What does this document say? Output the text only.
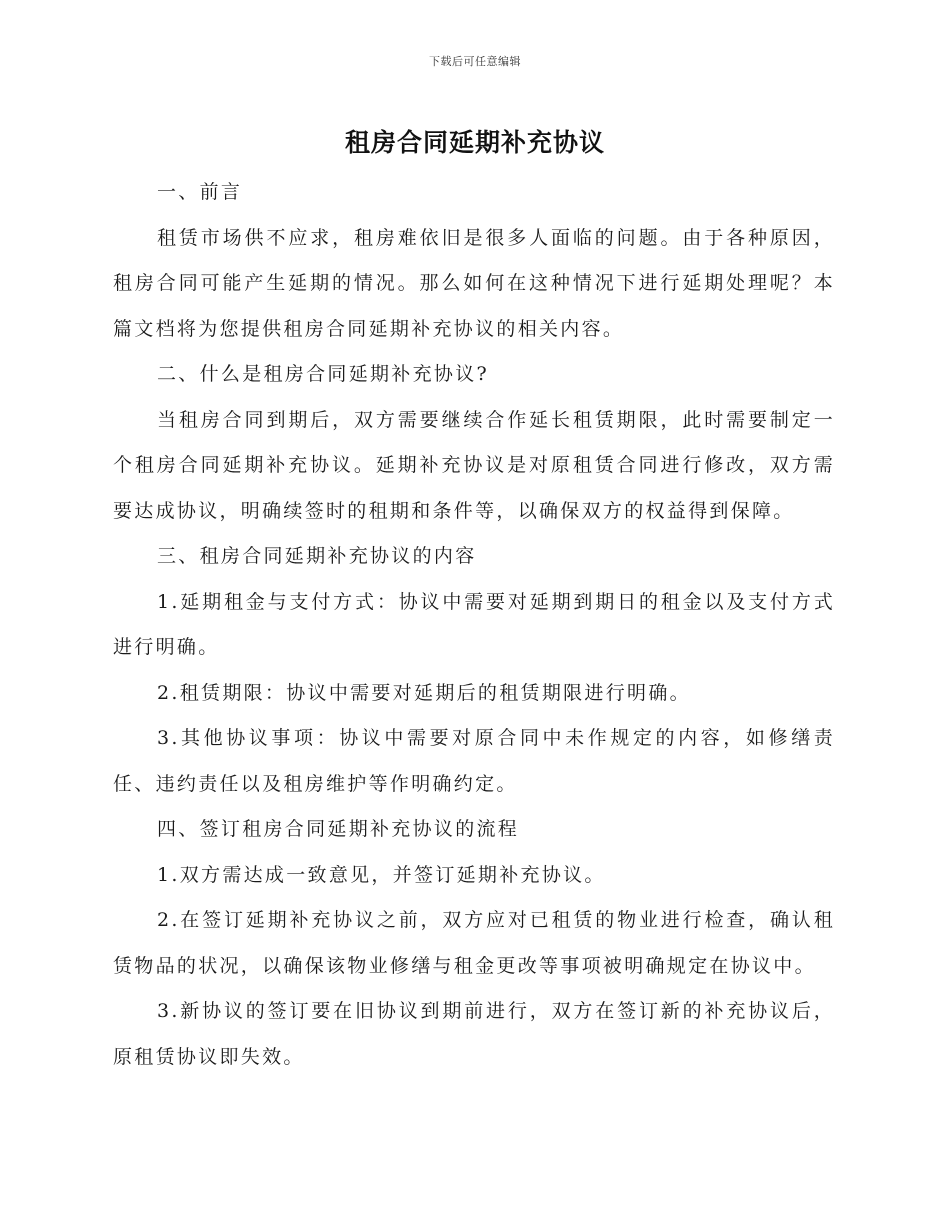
下载后可任意编辑
租房合同延期补充协议

一、前言

租赁市场供不应求，租房难依旧是很多人面临的问题。由于各种原因，租房合同可能产生延期的情况。那么如何在这种情况下进行延期处理呢？本篇文档将为您提供租房合同延期补充协议的相关内容。

二、什么是租房合同延期补充协议?

当租房合同到期后，双方需要继续合作延长租赁期限，此时需要制定一个租房合同延期补充协议。延期补充协议是对原租赁合同进行修改，双方需要达成协议，明确续签时的租期和条件等，以确保双方的权益得到保障。

三、租房合同延期补充协议的内容

1.延期租金与支付方式：协议中需要对延期到期日的租金以及支付方式进行明确。

2.租赁期限：协议中需要对延期后的租赁期限进行明确。

3.其他协议事项：协议中需要对原合同中未作规定的内容，如修缮责任、违约责任以及租房维护等作明确约定。

四、签订租房合同延期补充协议的流程

1.双方需达成一致意见，并签订延期补充协议。

2.在签订延期补充协议之前，双方应对已租赁的物业进行检查，确认租赁物品的状况，以确保该物业修缮与租金更改等事项被明确规定在协议中。

3.新协议的签订要在旧协议到期前进行，双方在签订新的补充协议后，原租赁协议即失效。
